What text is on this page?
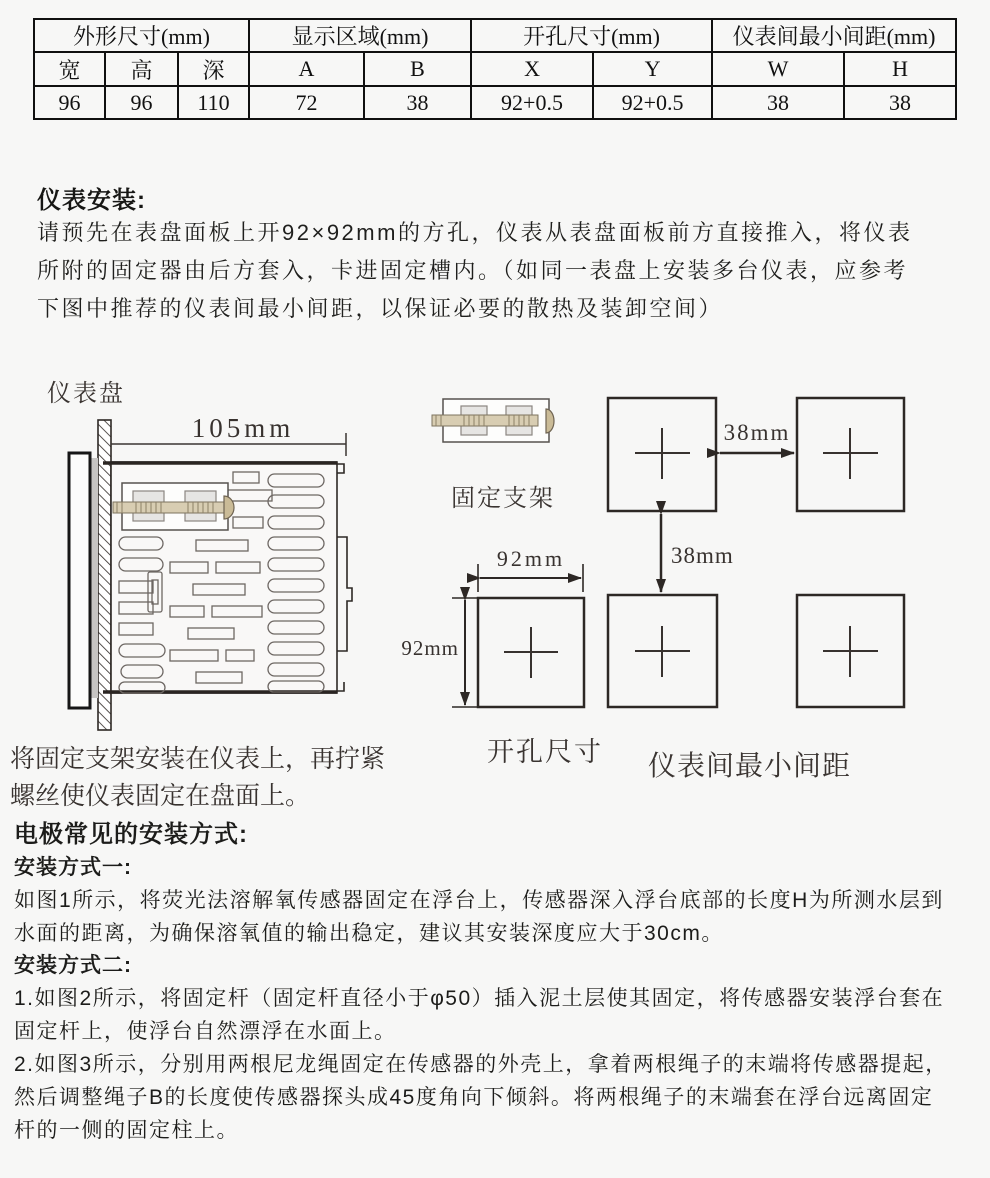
外形尺寸(mm)			显示区域(mm)		开孔尺寸(mm)		仪表间最小间距(mm)	
宽	高	深	A	B	X	Y	W	H
96	96	110	72	38	92+0.5	92+0.5	38	38
仪表安装:
请预先在表盘面板上开92×92mm的方孔，仪表从表盘面板前方直接推入，将仪表
所附的固定器由后方套入，卡进固定槽内。（如同一表盘上安装多台仪表，应参考
下图中推荐的仪表间最小间距，以保证必要的散热及装卸空间）
仪表盘
固定支架
开孔尺寸 仪表间最小间距
105mm	38mm
38mm
92mm
92mm
将固定支架安装在仪表上，再拧紧
螺丝使仪表固定在盘面上。
电极常见的安装方式:
安装方式一:
如图1所示，将荧光法溶解氧传感器固定在浮台上，传感器深入浮台底部的长度H为所测水层到
水面的距离，为确保溶氧值的输出稳定，建议其安装深度应大于30cm。
安装方式二:
1.如图2所示，将固定杆（固定杆直径小于φ50）插入泥土层使其固定，将传感器安装浮台套在
固定杆上，使浮台自然漂浮在水面上。
2.如图3所示，分别用两根尼龙绳固定在传感器的外壳上，拿着两根绳子的末端将传感器提起，
然后调整绳子B的长度使传感器探头成45度角向下倾斜。将两根绳子的末端套在浮台远离固定
杆的一侧的固定柱上。
